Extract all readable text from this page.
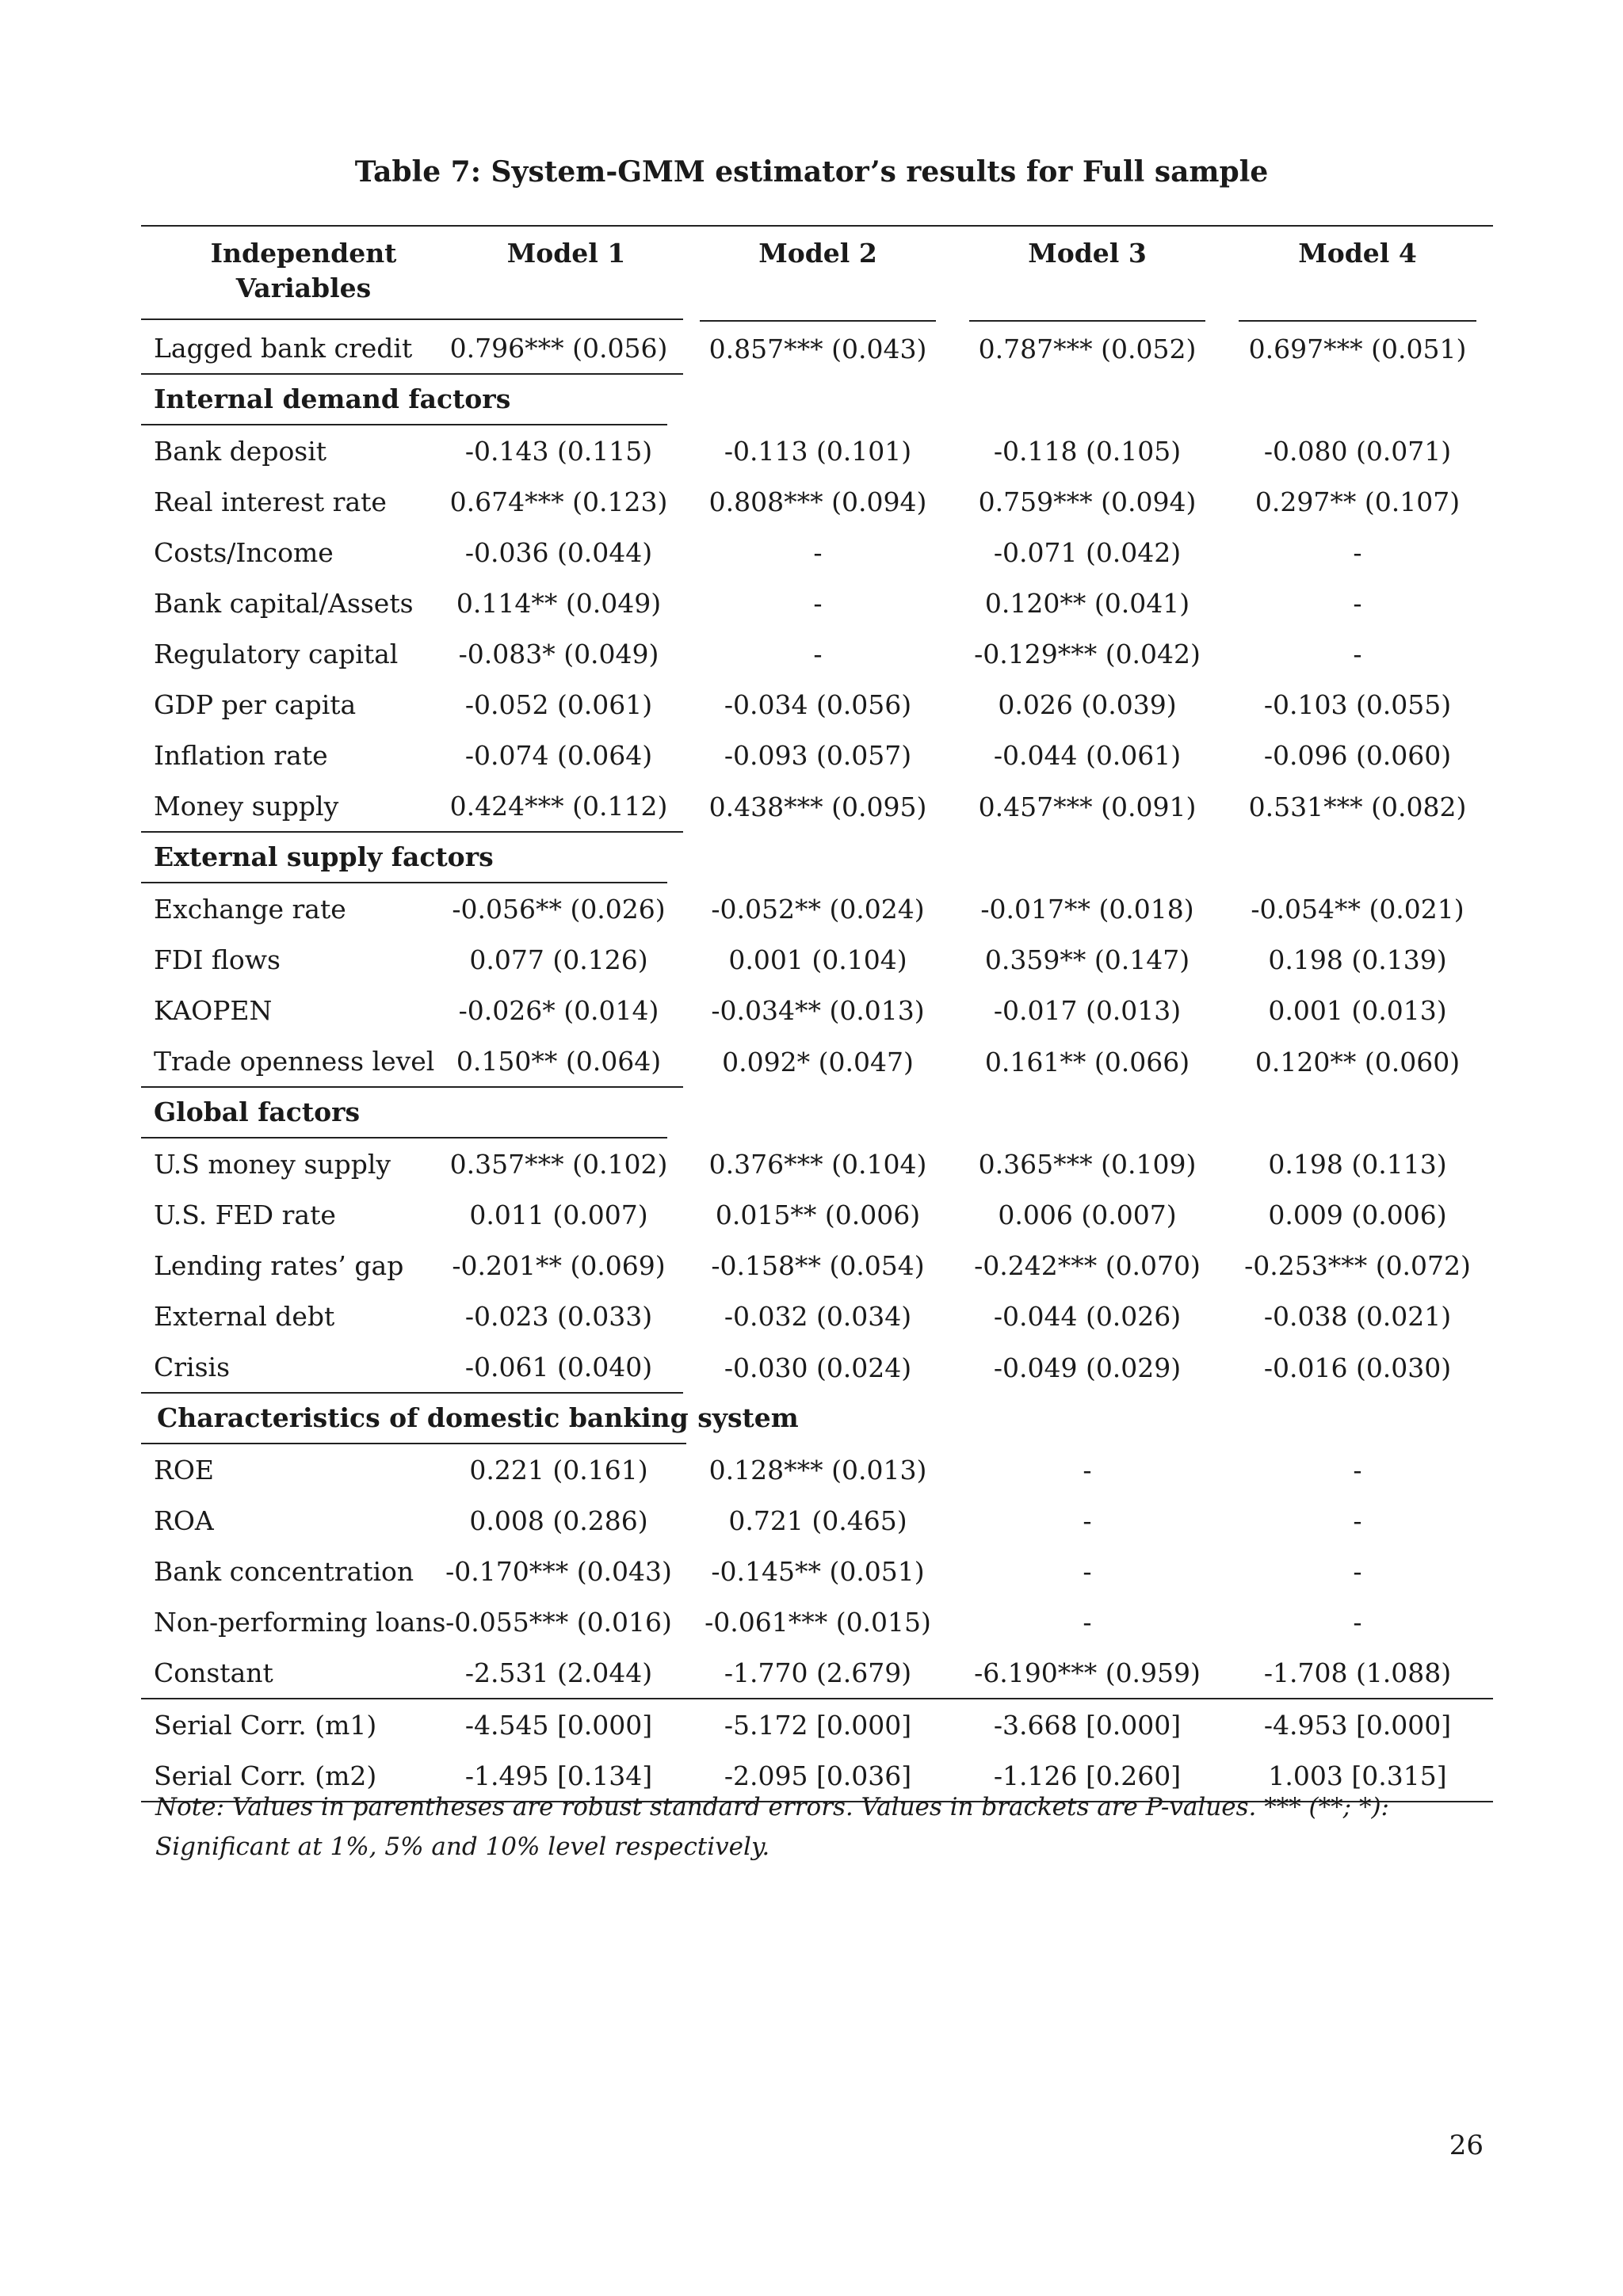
Table 7: System-GMM estimator’s results for Full sample
Independent Variables
Model 1	Model 2	Model 3	Model 4

Lagged bank credit 0.796*** (0.056)	0.857*** (0.043)	0.787*** (0.052)	0.697*** (0.051)
Internal demand factors			

Bank deposit -0.143 (0.115)	-0.113 (0.101)	-0.118 (0.105)	-0.080 (0.071)

Real interest rate 0.674*** (0.123)	0.808*** (0.094)	0.759*** (0.094)	0.297** (0.107)

Costs/Income -0.036 (0.044)	-	-0.071 (0.042)	-

Bank capital/Assets 0.114** (0.049)	-	0.120** (0.041)	-

Regulatory capital -0.083* (0.049)	-	-0.129*** (0.042)	-

GDP per capita -0.052 (0.061)	-0.034 (0.056)	0.026 (0.039)	-0.103 (0.055)

Inflation rate -0.074 (0.064)	-0.093 (0.057)	-0.044 (0.061)	-0.096 (0.060)

Money supply 0.424*** (0.112)	0.438*** (0.095)	0.457*** (0.091)	0.531*** (0.082)
External supply factors			

Exchange rate -0.056** (0.026)	-0.052** (0.024)	-0.017** (0.018)	-0.054** (0.021)

FDI flows 0.077 (0.126)	0.001 (0.104)	0.359** (0.147)	0.198 (0.139)

KAOPEN -0.026* (0.014)	-0.034** (0.013)	-0.017 (0.013)	0.001 (0.013)

Trade openness level 0.150** (0.064)	0.092* (0.047)	0.161** (0.066)	0.120** (0.060)
Global factors			

U.S money supply 0.357*** (0.102)	0.376*** (0.104)	0.365*** (0.109)	0.198 (0.113)

U.S. FED rate 0.011 (0.007)	0.015** (0.006)	0.006 (0.007)	0.009 (0.006)

Lending rates’ gap -0.201** (0.069)	-0.158** (0.054)	-0.242*** (0.070)	-0.253*** (0.072)

External debt -0.023 (0.033)	-0.032 (0.034)	-0.044 (0.026)	-0.038 (0.021)

Crisis -0.061 (0.040)	-0.030 (0.024)	-0.049 (0.029)	-0.016 (0.030)
Characteristics of domestic banking system			

ROE 0.221 (0.161)	0.128*** (0.013)	-	-

ROA 0.008 (0.286)	0.721 (0.465)	-	-

Bank concentration -0.170*** (0.043)	-0.145** (0.051)	-	-

Non-performing loans -0.055*** (0.016)	-0.061*** (0.015)	-	-

Constant -2.531 (2.044)	-1.770 (2.679)	-6.190*** (0.959)	-1.708 (1.088)

Serial Corr. (m1) -4.545 [0.000]	-5.172 [0.000]	-3.668 [0.000]	-4.953 [0.000]

Serial Corr. (m2) -1.495 [0.134]	-2.095 [0.036]	-1.126 [0.260]	1.003 [0.315]
Note: Values in parentheses are robust standard errors. Values in brackets are P-values. *** (**; *): Significant at 1%, 5% and 10% level respectively.
26
